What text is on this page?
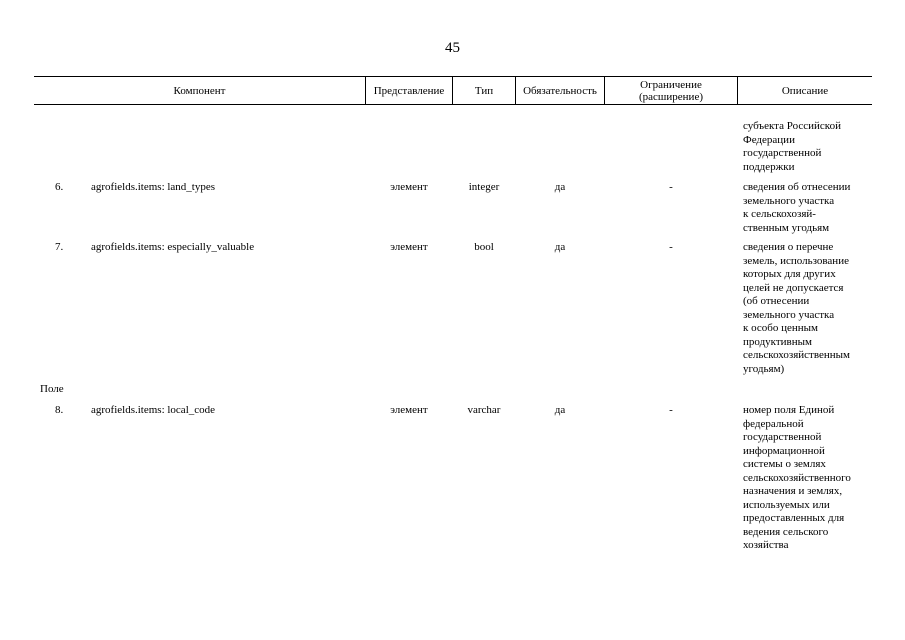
45
Компонент	Представление	Тип	Обязательность	Ограничение
(расширение)	Описание
субъекта Российской
Федерации
государственной
поддержки
6.	agrofields.items: land_types	элемент	integer	да	-	сведения об отнесении
земельного участка
к сельскохозяй-
ственным угодьям
7.	agrofields.items: especially_valuable	элемент	bool	да	-	сведения о перечне
земель, использование
которых для других
целей не допускается
(об отнесении
земельного участка
к особо ценным
продуктивным
сельскохозяйственным
угодьям)
Поле
8.	agrofields.items: local_code	элемент	varchar	да	-	номер поля Единой
федеральной
государственной
информационной
системы о землях
сельскохозяйственного
назначения и землях,
используемых или
предоставленных для
ведения сельского
хозяйства
